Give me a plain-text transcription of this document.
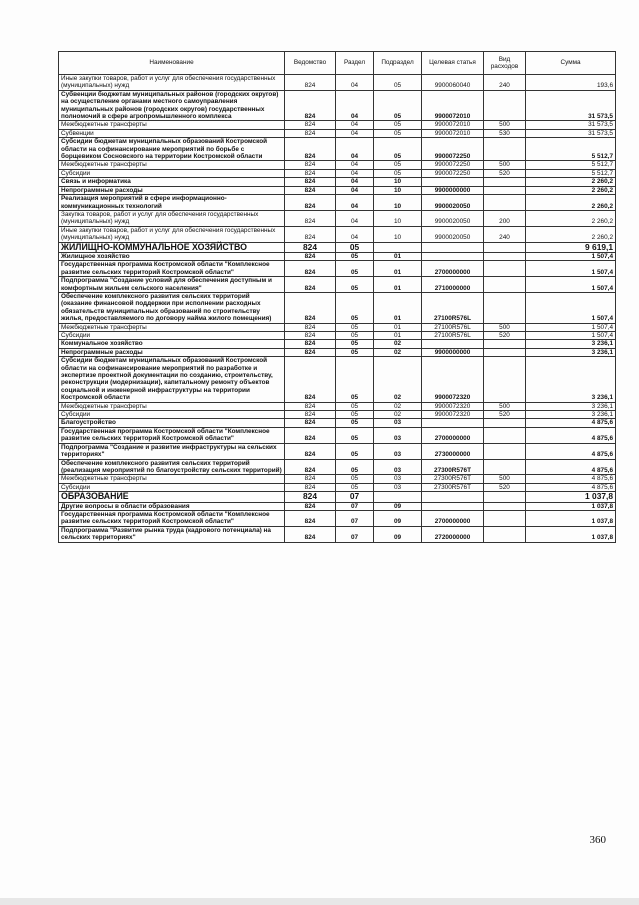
Наименование	Ведомство	Раздел	Подраздел	Целевая статья	Вид расходов	Сумма
Иные закупки товаров, работ и услуг для обеспечения государственных (муниципальных) нужд	824	04	05	9900060040	240	193,6
Субвенции бюджетам муниципальных районов (городских округов) на осуществление органами местного самоуправления муниципальных районов (городских округов) государственных полномочий в сфере агропромышленного комплекса	824	04	05	9900072010		31 573,5
Межбюджетные трансферты	824	04	05	9900072010	500	31 573,5
Субвенции	824	04	05	9900072010	530	31 573,5
Субсидии бюджетам муниципальных образований Костромской области на софинансирование мероприятий по борьбе с борщевиком Сосновского на территории Костромской области	824	04	05	9900072250		5 512,7
Межбюджетные трансферты	824	04	05	9900072250	500	5 512,7
Субсидии	824	04	05	9900072250	520	5 512,7
Связь и информатика	824	04	10			2 260,2
Непрограммные расходы	824	04	10	9900000000		2 260,2
Реализация мероприятий в сфере информационно-коммуникационных технологий	824	04	10	9900020050		2 260,2
Закупка товаров, работ и услуг для обеспечения государственных (муниципальных) нужд	824	04	10	9900020050	200	2 260,2
Иные закупки товаров, работ и услуг для обеспечения государственных (муниципальных) нужд	824	04	10	9900020050	240	2 260,2
ЖИЛИЩНО-КОММУНАЛЬНОЕ ХОЗЯЙСТВО	824	05				9 619,1
Жилищное хозяйство	824	05	01			1 507,4
Государственная программа Костромской области "Комплексное развитие сельских территорий Костромской области"	824	05	01	2700000000		1 507,4
Подпрограмма "Создание условий для обеспечения доступным и комфортным жильем сельского населения"	824	05	01	2710000000		1 507,4
Обеспечение комплексного развития сельских территорий (оказание финансовой поддержки при исполнении расходных обязательств муниципальных образований по строительству жилья, предоставляемого по договору найма жилого помещения)	824	05	01	27100R576L		1 507,4
Межбюджетные трансферты	824	05	01	27100R576L	500	1 507,4
Субсидии	824	05	01	27100R576L	520	1 507,4
Коммунальное хозяйство	824	05	02			3 236,1
Непрограммные расходы	824	05	02	9900000000		3 236,1
Субсидии бюджетам муниципальных образований Костромской области на софинансирование мероприятий по разработке и экспертизе проектной документации по созданию, строительству, реконструкции (модернизации), капитальному ремонту объектов социальной и инженерной инфраструктуры на территории Костромской области	824	05	02	9900072320		3 236,1
Межбюджетные трансферты	824	05	02	9900072320	500	3 236,1
Субсидии	824	05	02	9900072320	520	3 236,1
Благоустройство	824	05	03			4 875,6
Государственная программа Костромской области "Комплексное развитие сельских территорий Костромской области"	824	05	03	2700000000		4 875,6
Подпрограмма "Создание и развитие инфраструктуры на сельских территориях"	824	05	03	2730000000		4 875,6
Обеспечение комплексного развития сельских территорий (реализация мероприятий по благоустройству сельских территорий)	824	05	03	27300R576T		4 875,6
Межбюджетные трансферты	824	05	03	27300R576T	500	4 875,6
Субсидии	824	05	03	27300R576T	520	4 875,6
ОБРАЗОВАНИЕ	824	07				1 037,8
Другие вопросы в области образования	824	07	09			1 037,8
Государственная программа Костромской области "Комплексное развитие сельских территорий Костромской области"	824	07	09	2700000000		1 037,8
Подпрограмма "Развитие рынка труда (кадрового потенциала) на сельских территориях"	824	07	09	2720000000		1 037,8
360
